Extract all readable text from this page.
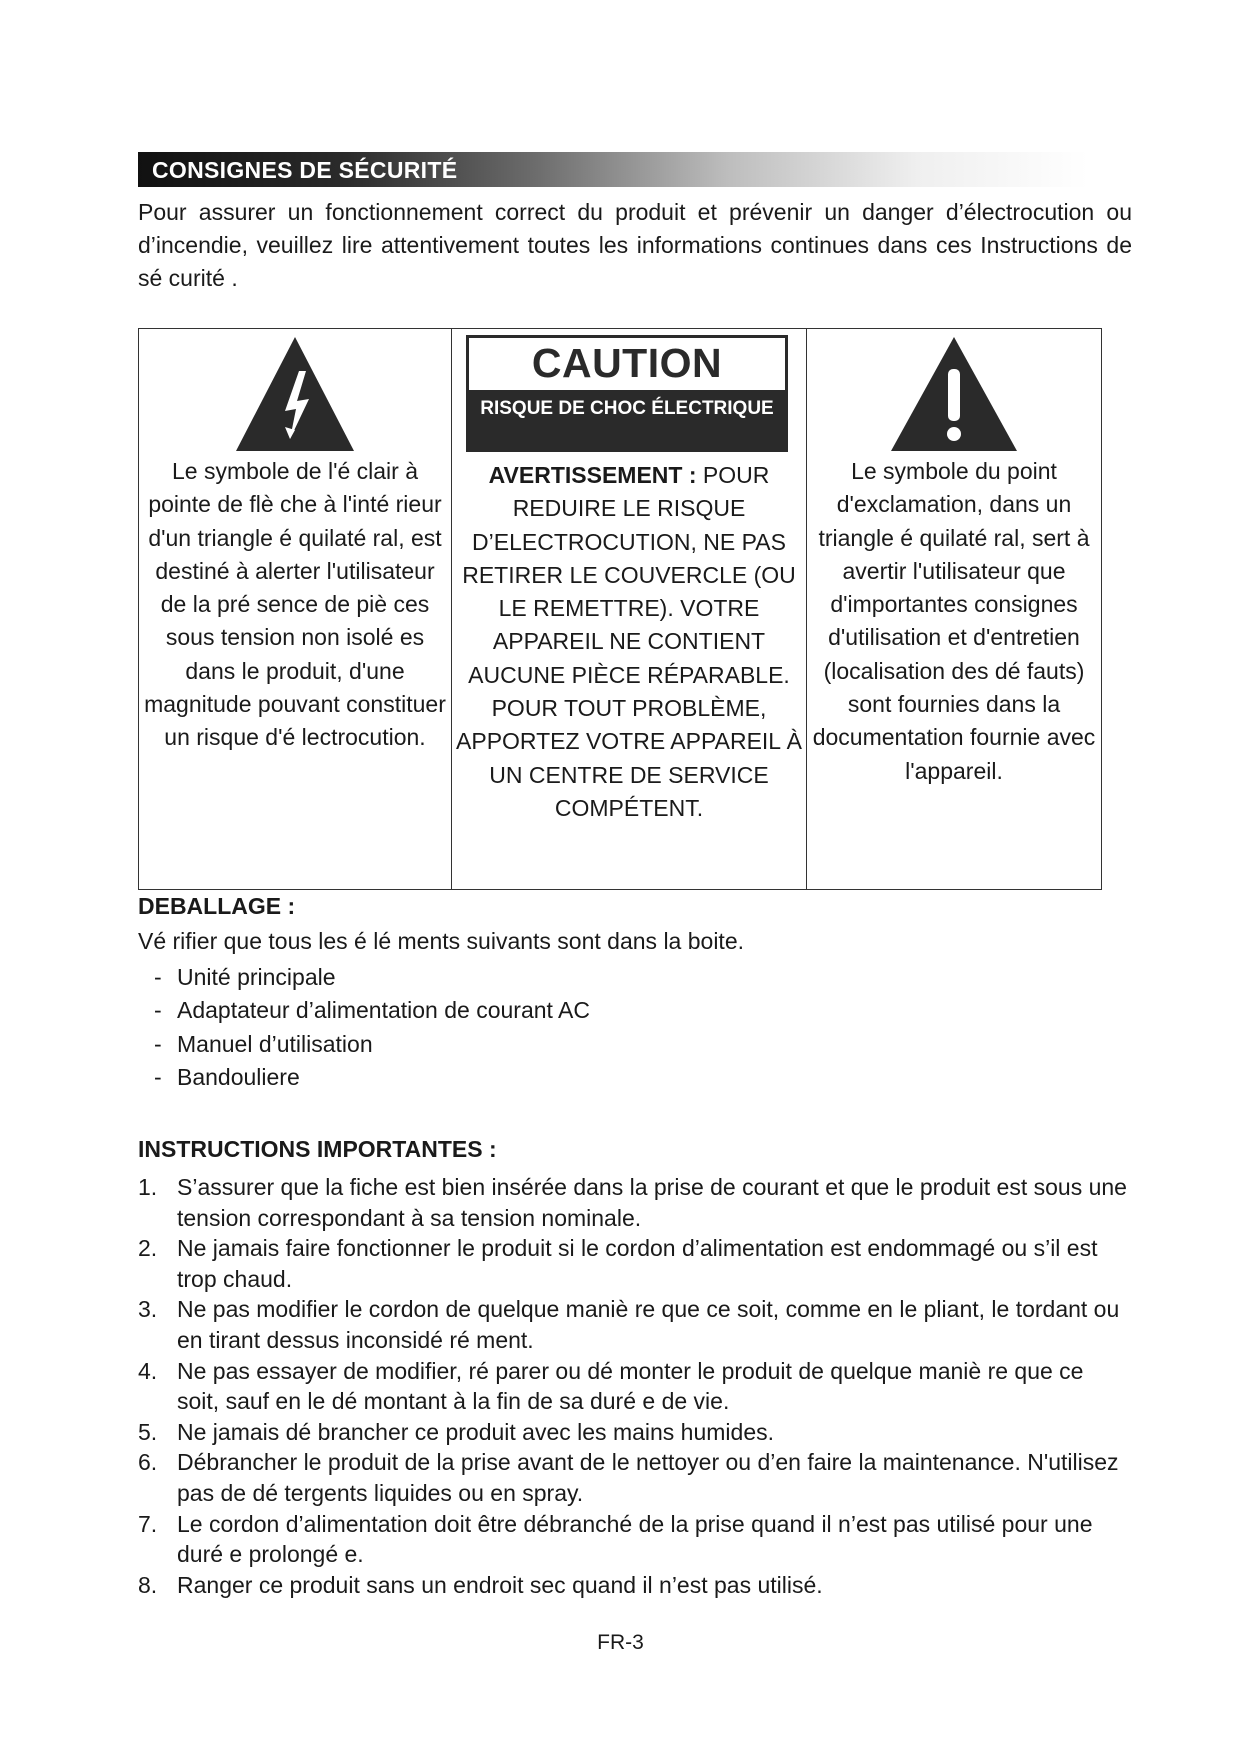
CONSIGNES DE SÉCURITÉ
Pour assurer un fonctionnement correct du produit et prévenir un danger d’électrocution ou d’incendie, veuillez lire attentivement toutes les informations continues dans ces Instructions de sé curité .
Le symbole de l'é clair à pointe de flè che à l'inté rieur d'un triangle é quilaté ral, est destiné à alerter l'utilisateur de la pré sence de piè ces sous tension non isolé es dans le produit, d'une magnitude pouvant constituer un risque d'é lectrocution.
CAUTION
RISQUE DE CHOC ÉLECTRIQUE
AVERTISSEMENT : POUR REDUIRE LE RISQUE D’ELECTROCUTION, NE PAS RETIRER LE COUVERCLE (OU LE REMETTRE). VOTRE APPAREIL NE CONTIENT AUCUNE PIÈCE RÉPARABLE. POUR TOUT PROBLÈME, APPORTEZ VOTRE APPAREIL À UN CENTRE DE SERVICE COMPÉTENT.
Le symbole du point d'exclamation, dans un triangle é quilaté ral, sert à avertir l'utilisateur que d'importantes consignes d'utilisation et d'entretien (localisation des dé fauts) sont fournies dans la documentation fournie avec l'appareil.
DEBALLAGE :
Vé rifier que tous les é lé ments suivants sont dans la boite.
- Unité principale
- Adaptateur d’alimentation de courant AC
- Manuel d’utilisation
- Bandouliere
INSTRUCTIONS IMPORTANTES :
1. S’assurer que la fiche est bien insérée dans la prise de courant et que le produit est sous une tension correspondant à sa tension nominale.
2. Ne jamais faire fonctionner le produit si le cordon d’alimentation est endommagé ou s’il est trop chaud.
3. Ne pas modifier le cordon de quelque maniè re que ce soit, comme en le pliant, le tordant ou en tirant dessus inconsidé ré ment.
4. Ne pas essayer de modifier, ré parer ou dé monter le produit de quelque maniè re que ce soit, sauf en le dé montant à la fin de sa duré e de vie.
5. Ne jamais dé brancher ce produit avec les mains humides.
6. Débrancher le produit de la prise avant de le nettoyer ou d’en faire la maintenance. N'utilisez pas de dé tergents liquides ou en spray.
7. Le cordon d’alimentation doit être débranché de la prise quand il n’est pas utilisé pour une duré e prolongé e.
8. Ranger ce produit sans un endroit sec quand il n’est pas utilisé.
FR-3
